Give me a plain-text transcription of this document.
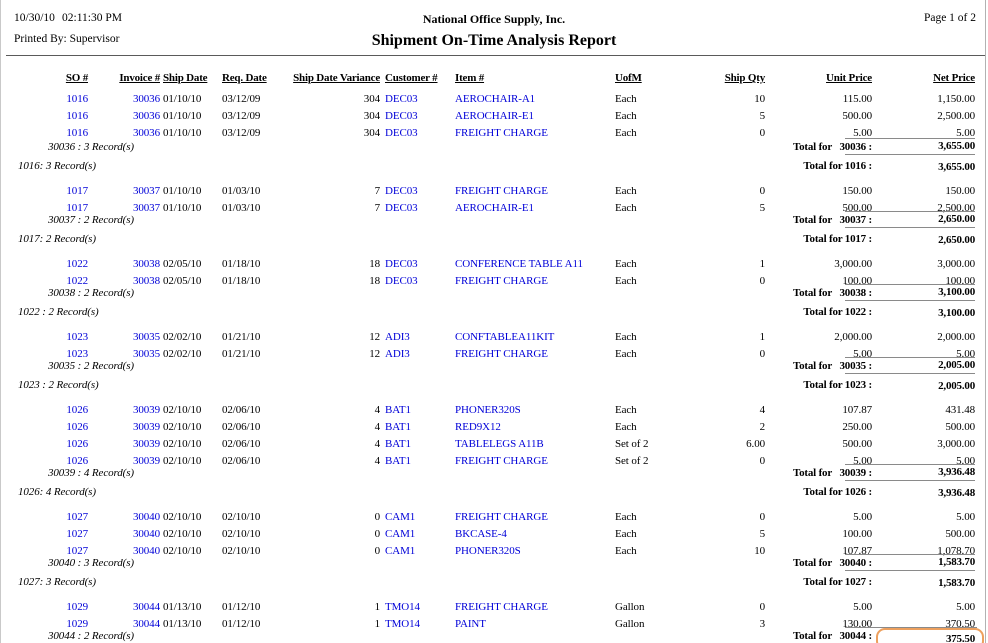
10/30/10 02:11:30 PM	National Office Supply, Inc.	Page 1 of 2
Printed By: Supervisor	Shipment On-Time Analysis Report
SO #	Invoice # Ship Date	Req. Date	Ship Date Variance Customer #	Item #	UofM	Ship Qty	Unit Price	Net Price
1016	30036 01/10/10	03/12/09	304 DEC03	AEROCHAIR-A1	Each	10	115.00	1,150.00
1016	30036 01/10/10	03/12/09	304 DEC03	AEROCHAIR-E1	Each	5	500.00	2,500.00
1016	30036 01/10/10	03/12/09	304 DEC03	FREIGHT CHARGE	Each	0	5.00	5.00
30036 : 3 Record(s)	Total for   30036 :	3,655.00
1016: 3 Record(s)	Total for 1016 :	3,655.00
1017	30037 01/10/10	01/03/10	7 DEC03	FREIGHT CHARGE	Each	0	150.00	150.00
1017	30037 01/10/10	01/03/10	7 DEC03	AEROCHAIR-E1	Each	5	500.00	2,500.00
30037 : 2 Record(s)	Total for   30037 :	2,650.00
1017: 2 Record(s)	Total for 1017 :	2,650.00
1022	30038 02/05/10	01/18/10	18 DEC03	CONFERENCE TABLE A11	Each	1	3,000.00	3,000.00
1022	30038 02/05/10	01/18/10	18 DEC03	FREIGHT CHARGE	Each	0	100.00	100.00
30038 : 2 Record(s)	Total for   30038 :	3,100.00
1022 : 2 Record(s)	Total for 1022 :	3,100.00
1023	30035 02/02/10	01/21/10	12 ADI3	CONFTABLEA11KIT	Each	1	2,000.00	2,000.00
1023	30035 02/02/10	01/21/10	12 ADI3	FREIGHT CHARGE	Each	0	5.00	5.00
30035 : 2 Record(s)	Total for   30035 :	2,005.00
1023 : 2 Record(s)	Total for 1023 :	2,005.00
1026	30039 02/10/10	02/06/10	4 BAT1	PHONER320S	Each	4	107.87	431.48
1026	30039 02/10/10	02/06/10	4 BAT1	RED9X12	Each	2	250.00	500.00
1026	30039 02/10/10	02/06/10	4 BAT1	TABLELEGS A11B	Set of 2	6.00	500.00	3,000.00
1026	30039 02/10/10	02/06/10	4 BAT1	FREIGHT CHARGE	Set of 2	0	5.00	5.00
30039 : 4 Record(s)	Total for   30039 :	3,936.48
1026: 4 Record(s)	Total for 1026 :	3,936.48
1027	30040 02/10/10	02/10/10	0 CAM1	FREIGHT CHARGE	Each	0	5.00	5.00
1027	30040 02/10/10	02/10/10	0 CAM1	BKCASE-4	Each	5	100.00	500.00
1027	30040 02/10/10	02/10/10	0 CAM1	PHONER320S	Each	10	107.87	1,078.70
30040 : 3 Record(s)	Total for   30040 :	1,583.70
1027: 3 Record(s)	Total for 1027 :	1,583.70
1029	30044 01/13/10	01/12/10	1 TMO14	FREIGHT CHARGE	Gallon	0	5.00	5.00
1029	30044 01/13/10	01/12/10	1 TMO14	PAINT	Gallon	3	130.00	370.50
30044 : 2 Record(s)	Total for   30044 :	375.50
